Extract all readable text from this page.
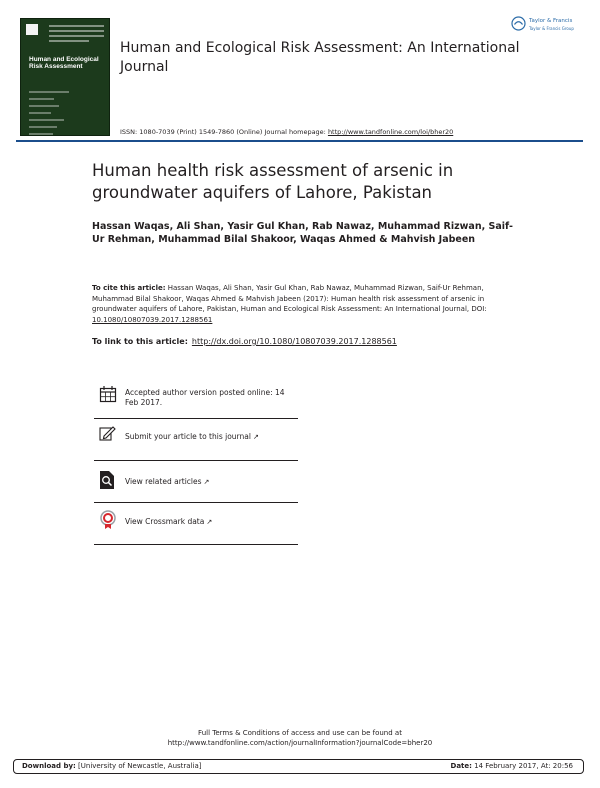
Human and Ecological Risk Assessment
Human and Ecological Risk Assessment: An International Journal
ISSN: 1080-7039 (Print) 1549-7860 (Online) Journal homepage: http://www.tandfonline.com/loi/bher20
Taylor & Francis
Taylor & Francis Group
Human health risk assessment of arsenic in groundwater aquifers of Lahore, Pakistan
Hassan Waqas, Ali Shan, Yasir Gul Khan, Rab Nawaz, Muhammad Rizwan, Saif-Ur Rehman, Muhammad Bilal Shakoor, Waqas Ahmed & Mahvish Jabeen
To cite this article: Hassan Waqas, Ali Shan, Yasir Gul Khan, Rab Nawaz, Muhammad Rizwan, Saif-Ur Rehman, Muhammad Bilal Shakoor, Waqas Ahmed & Mahvish Jabeen (2017): Human health risk assessment of arsenic in groundwater aquifers of Lahore, Pakistan, Human and Ecological Risk Assessment: An International Journal, DOI: 10.1080/10807039.2017.1288561
To link to this article: http://dx.doi.org/10.1080/10807039.2017.1288561
Accepted author version posted online: 14 Feb 2017.
Submit your article to this journal ↗
View related articles ↗
View Crossmark data ↗
Full Terms & Conditions of access and use can be found at
http://www.tandfonline.com/action/journalInformation?journalCode=bher20
Download by: [University of Newcastle, Australia]	Date: 14 February 2017, At: 20:56
